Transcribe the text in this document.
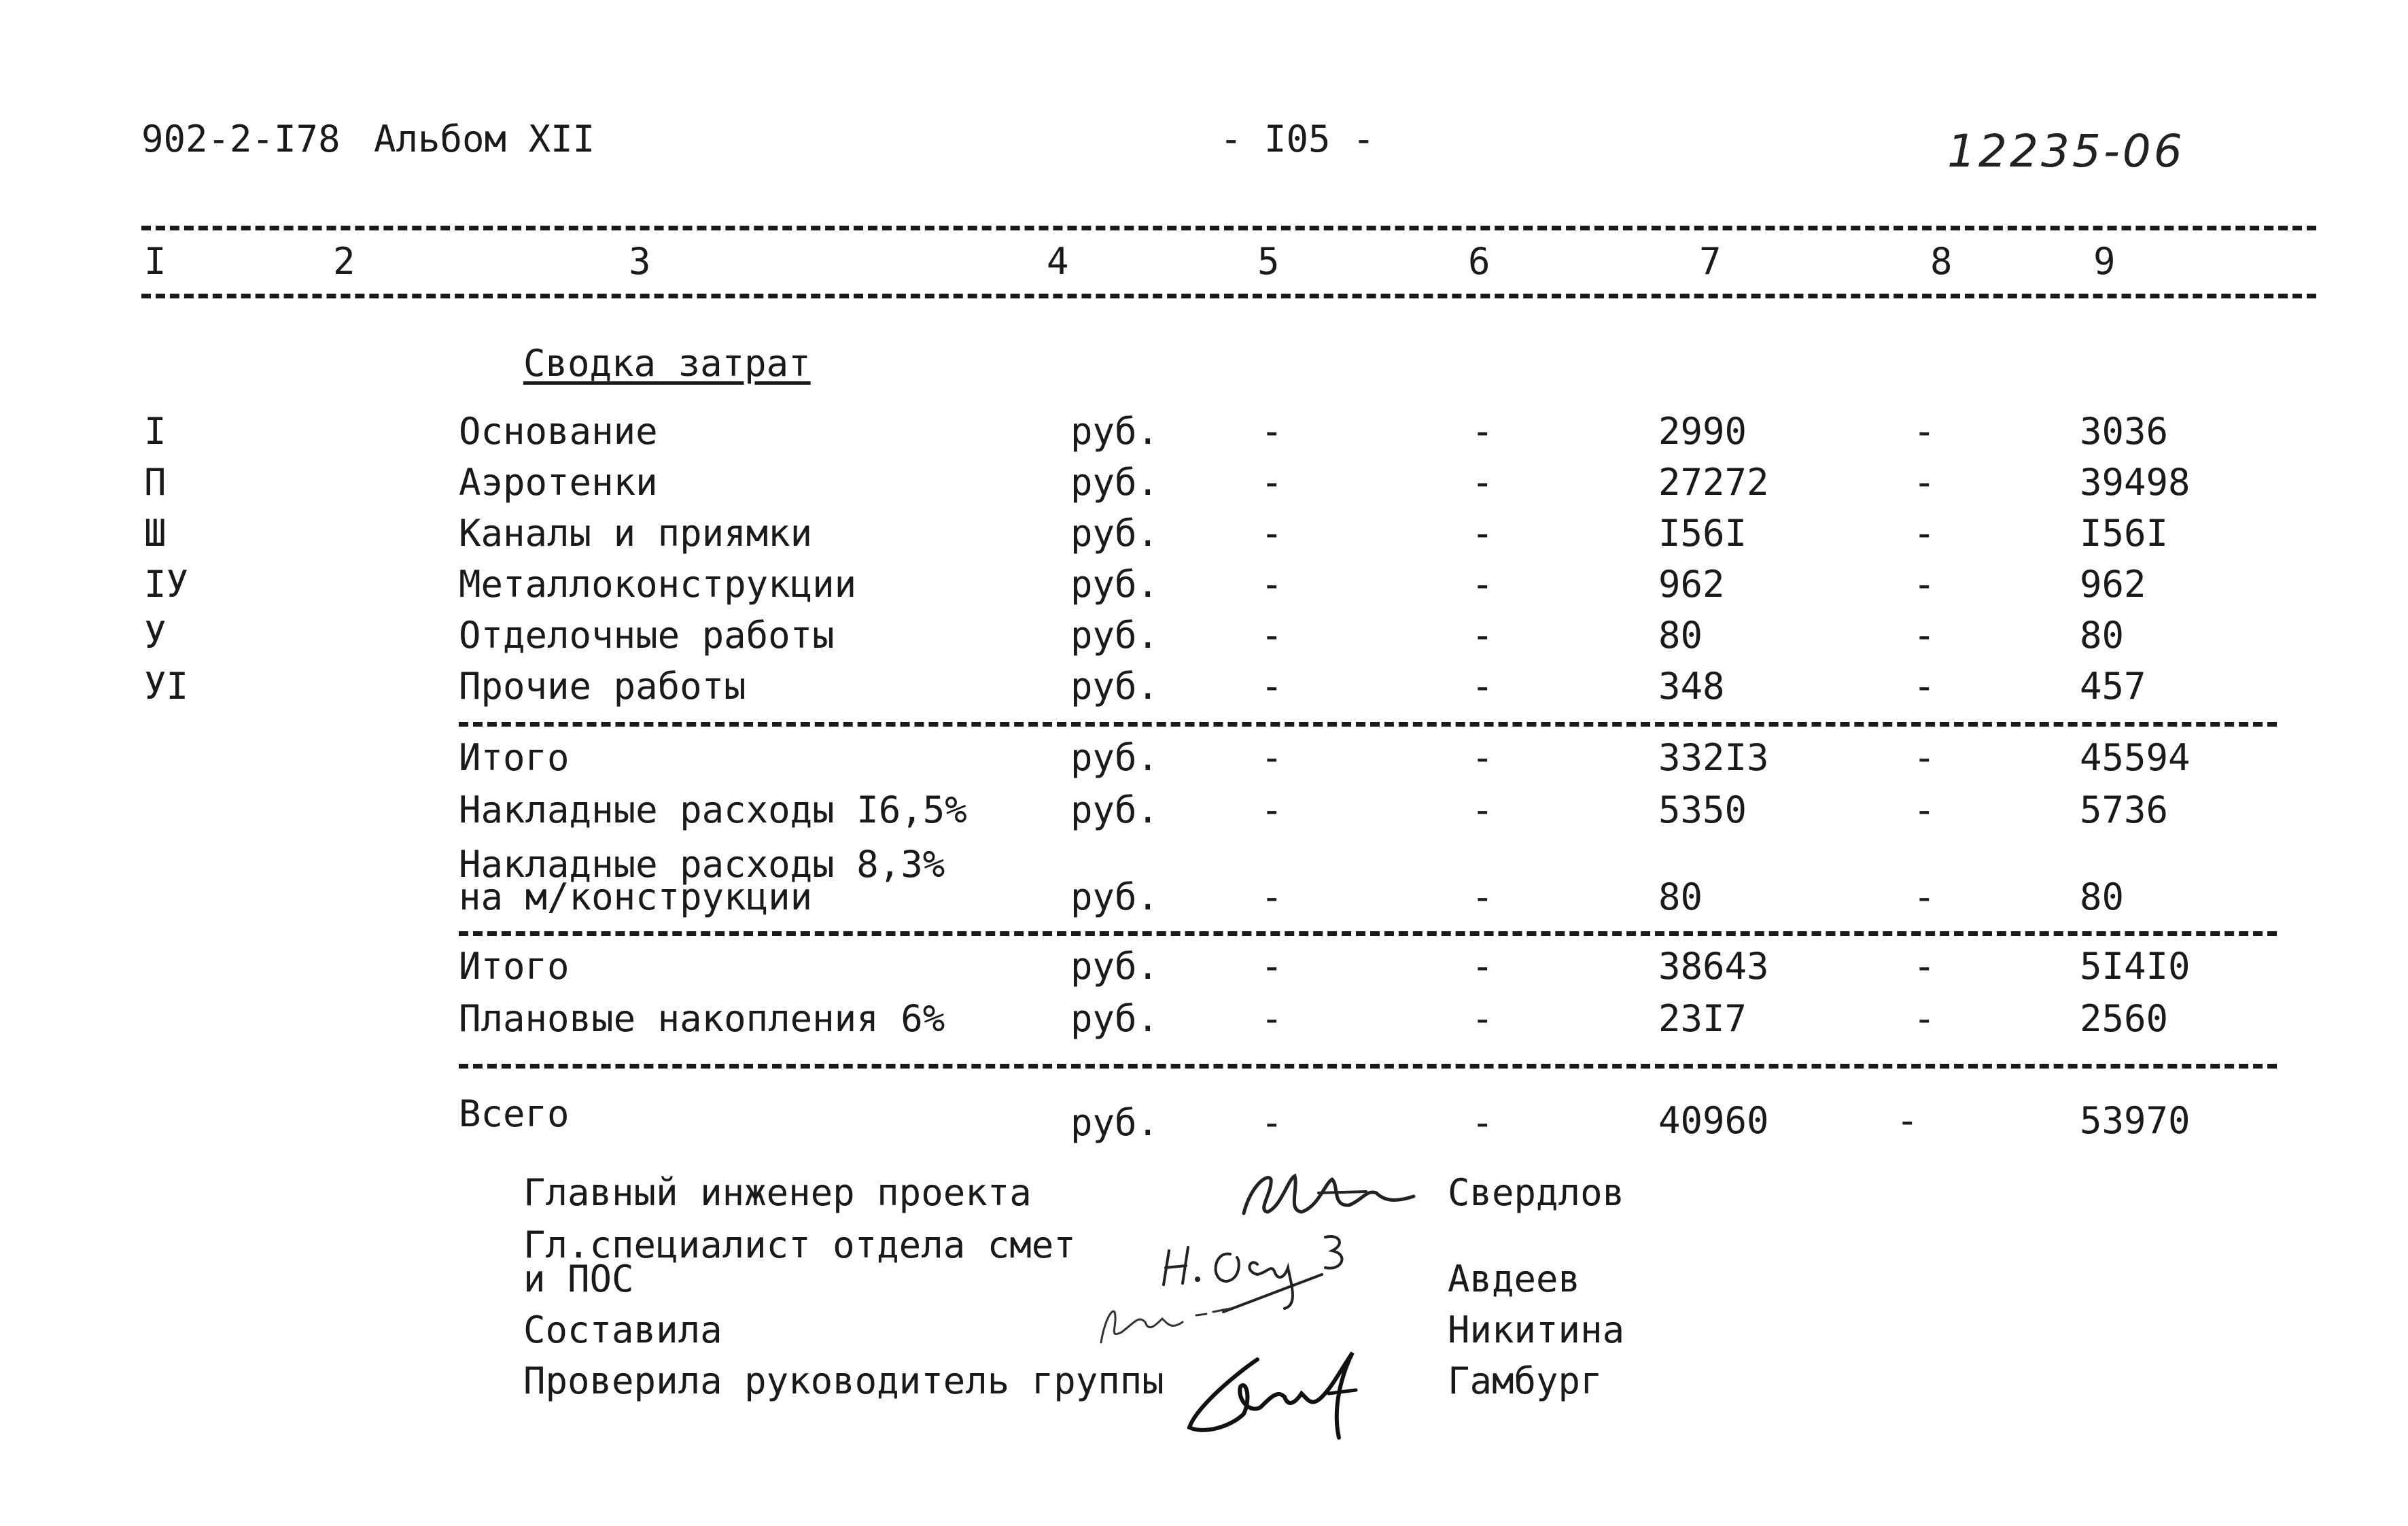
902-2-I78 Альбом XII	- I05 -	12235-06
I	2	3	4	5	6	7	8	9
Сводка затрат
I	Основание	руб.	-	-	2990	-	3036
П	Аэротенки	руб.	-	-	27272	-	39498
Ш	Каналы и приямки	руб.	-	-	I56I	-	I56I
IУ	Металлоконструкции	руб.	-	-	962	-	962
У	Отделочные работы	руб.	-	-	80	-	80
УI	Прочие работы	руб.	-	-	348	-	457
Итого	руб.	-	-	332I3	-	45594
Накладные расходы I6,5%	руб.	-	-	5350	-	5736
Накладные расходы 8,3%
на м/конструкции	руб.	-	-	80	-	80
Итого	руб.	-	-	38643	-	5I4I0
Плановые накопления 6%	руб.	-	-	23I7	-	2560
Всего	руб.	-	-	40960	-	53970
Главный инженер проекта	Свердлов
Гл.специалист отдела смет
и ПОС	Авдеев
Составила	Никитина
Проверила руководитель группы	Гамбург
